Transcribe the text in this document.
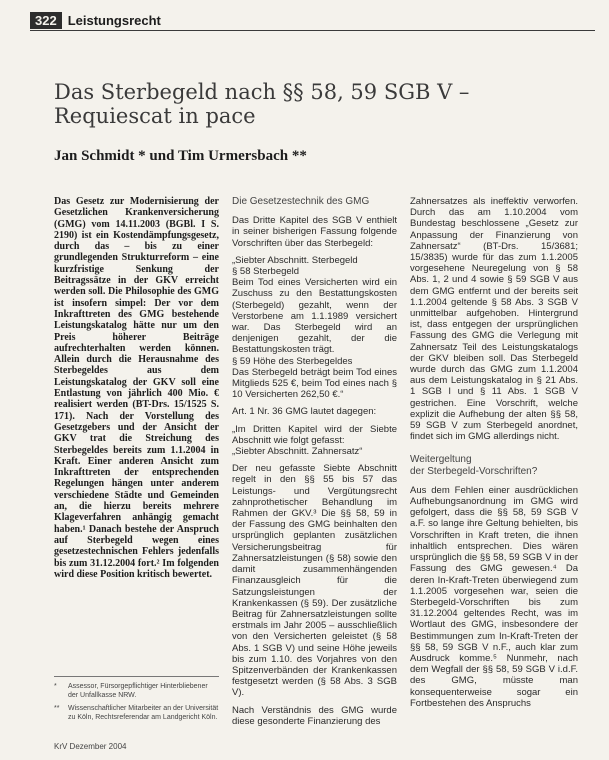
322 Leistungsrecht
Das Sterbegeld nach §§ 58, 59 SGB V – Requiescat in pace
Jan Schmidt * und Tim Urmersbach **

Das Gesetz zur Modernisierung der Gesetzlichen Krankenversicherung (GMG) vom 14.11.2003 (BGBl. I S. 2190) ist ein Kostendämpfungsgesetz, durch das – bis zu einer grundlegenden Strukturreform – eine kurzfristige Senkung der Beitragssätze in der GKV erreicht werden soll. Die Philosophie des GMG ist insofern simpel: Der vor dem Inkrafttreten des GMG bestehende Leistungskatalog hätte nur um den Preis höherer Beiträge aufrechterhalten werden können. Allein durch die Herausnahme des Sterbegeldes aus dem Leistungskatalog der GKV soll eine Entlastung von jährlich 400 Mio. € realisiert werden (BT-Drs. 15/1525 S. 171). Nach der Vorstellung des Gesetzgebers und der Ansicht der GKV trat die Streichung des Sterbegeldes bereits zum 1.1.2004 in Kraft. Einer anderen Ansicht zum Inkrafttreten der entsprechenden Regelungen hängen unter anderem verschiedene Städte und Gemeinden an, die hierzu bereits mehrere Klageverfahren anhängig gemacht haben.¹ Danach bestehe der Anspruch auf Sterbegeld wegen eines gesetzestechnischen Fehlers jedenfalls bis zum 31.12.2004 fort.² Im folgenden wird diese Position kritisch bewertet.

*	Assessor, Fürsorgepflichtiger Hinterbliebener der Unfallkasse NRW.
**	Wissenschaftlicher Mitarbeiter an der Universität zu Köln, Rechtsreferendar am Landgericht Köln.
Die Gesetzestechnik des GMG

Das Dritte Kapitel des SGB V enthielt in seiner bisherigen Fassung folgende Vorschriften über das Sterbegeld:

„Siebter Abschnitt. Sterbegeld
§ 58 Sterbegeld
Beim Tod eines Versicherten wird ein Zuschuss zu den Bestattungskosten (Sterbegeld) gezahlt, wenn der Verstorbene am 1.1.1989 versichert war. Das Sterbegeld wird an denjenigen gezahlt, der die Bestattungskosten trägt.
§ 59 Höhe des Sterbegeldes
Das Sterbegeld beträgt beim Tod eines Mitglieds 525 €, beim Tod eines nach § 10 Versicherten 262,50 €.“

Art. 1 Nr. 36 GMG lautet dagegen:

„Im Dritten Kapitel wird der Siebte Abschnitt wie folgt gefasst:
„Siebter Abschnitt. Zahnersatz“

Der neu gefasste Siebte Abschnitt regelt in den §§ 55 bis 57 das Leistungs- und Vergütungsrecht zahnprothetischer Behandlung im Rahmen der GKV.³ Die §§ 58, 59 in der Fassung des GMG beinhalten den ursprünglich geplanten zusätzlichen Versicherungsbeitrag für Zahnersatzleistungen (§ 58) sowie den damit zusammenhängenden Finanzausgleich für die Satzungsleistungen der Krankenkassen (§ 59). Der zusätzliche Beitrag für Zahnersatzleistungen sollte erstmals im Jahr 2005 – ausschließlich von den Versicherten geleistet (§ 58 Abs. 1 SGB V) und seine Höhe jeweils bis zum 1.10. des Vorjahres von den Spitzenverbänden der Krankenkassen festgesetzt werden (§ 58 Abs. 3 SGB V).

Nach Verständnis des GMG wurde diese gesonderte Finanzierung des

Zahnersatzes als ineffektiv verworfen. Durch das am 1.10.2004 vom Bundestag beschlossene „Gesetz zur Anpassung der Finanzierung von Zahnersatz“ (BT-Drs. 15/3681; 15/3835) wurde für das zum 1.1.2005 vorgesehene Neuregelung von § 58 Abs. 1, 2 und 4 sowie § 59 SGB V aus dem GMG entfernt und der bereits seit 1.1.2004 geltende § 58 Abs. 3 SGB V unmittelbar aufgehoben. Hintergrund ist, dass entgegen der ursprünglichen Fassung des GMG die Verlegung mit Zahnersatz Teil des Leistungskatalogs der GKV bleiben soll. Das Sterbegeld wurde durch das GMG zum 1.1.2004 aus dem Leistungskatalog in § 21 Abs. 1 SGB I und § 11 Abs. 1 SGB V gestrichen. Eine Vorschrift, welche explizit die Aufhebung der alten §§ 58, 59 SGB V zum Sterbegeld anordnet, findet sich im GMG allerdings nicht.

Weitergeltung
der Sterbegeld-Vorschriften?

Aus dem Fehlen einer ausdrücklichen Aufhebungsanordnung im GMG wird gefolgert, dass die §§ 58, 59 SGB V a.F. so lange ihre Geltung behielten, bis Vorschriften in Kraft treten, die ihnen inhaltlich entsprechen. Dies wären ursprünglich die §§ 58, 59 SGB V in der Fassung des GMG gewesen.⁴ Da deren In-Kraft-Treten überwiegend zum 1.1.2005 vorgesehen war, seien die Sterbegeld-Vorschriften bis zum 31.12.2004 geltendes Recht, was im Wortlaut des GMG, insbesondere der Bestimmungen zum In-Kraft-Treten der §§ 58, 59 SGB V n.F., auch klar zum Ausdruck komme.⁵ Nunmehr, nach dem Wegfall der §§ 58, 59 SGB V i.d.F. des GMG, müsste man konsequenterweise sogar ein Fortbestehen des Anspruchs

KrV Dezember 2004
